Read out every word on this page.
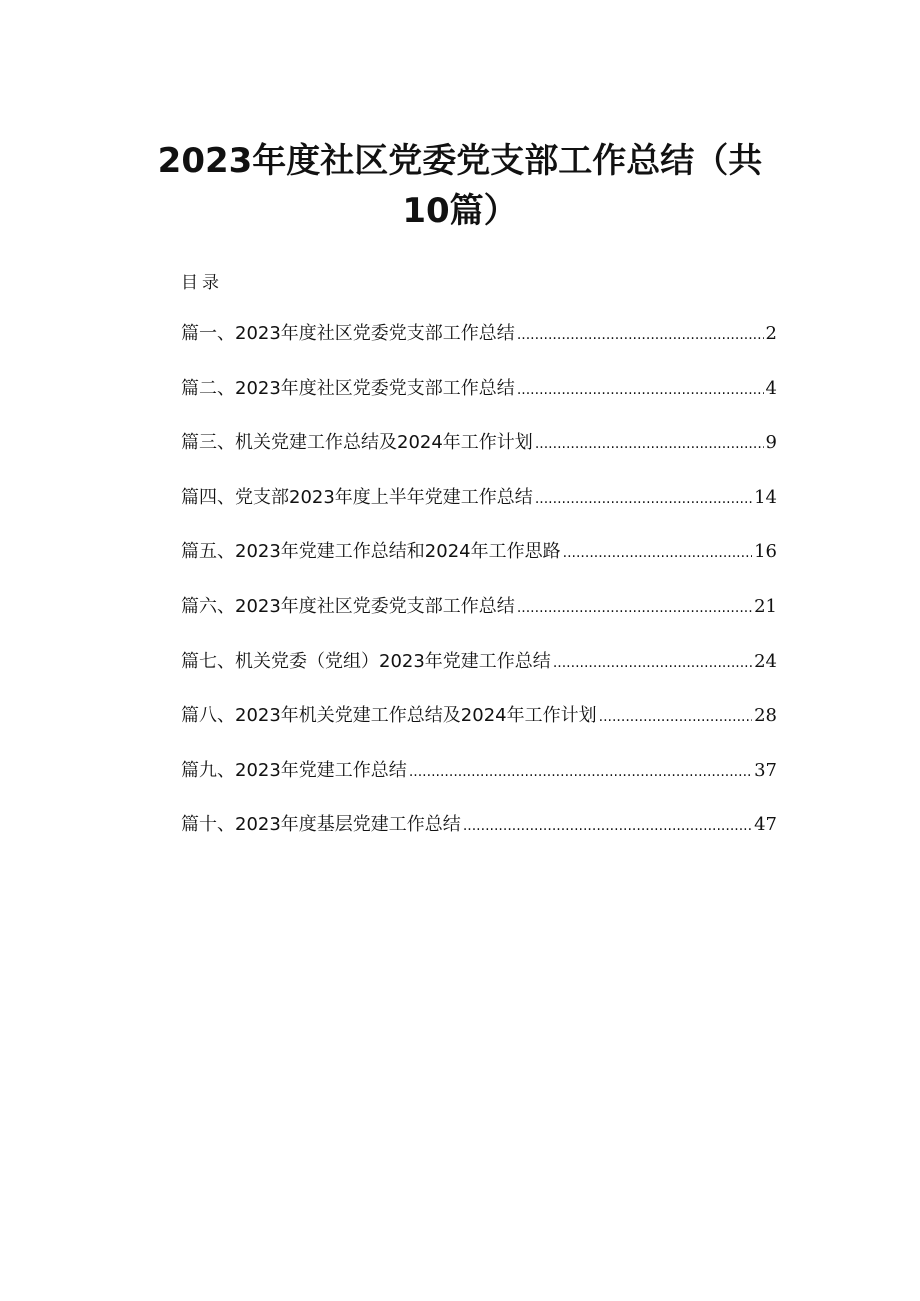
2023年度社区党委党支部工作总结（共10篇）
目录
篇一、2023年度社区党委党支部工作总结 .....	2
篇二、2023年度社区党委党支部工作总结 .....	4
篇三、机关党建工作总结及2024年工作计划 .....	9
篇四、党支部2023年度上半年党建工作总结 .....	14
篇五、2023年党建工作总结和2024年工作思路 .....	16
篇六、2023年度社区党委党支部工作总结 .....	21
篇七、机关党委（党组）2023年党建工作总结 .....	24
篇八、2023年机关党建工作总结及2024年工作计划 .....	28
篇九、2023年党建工作总结 .....	37
篇十、2023年度基层党建工作总结 .....	47
